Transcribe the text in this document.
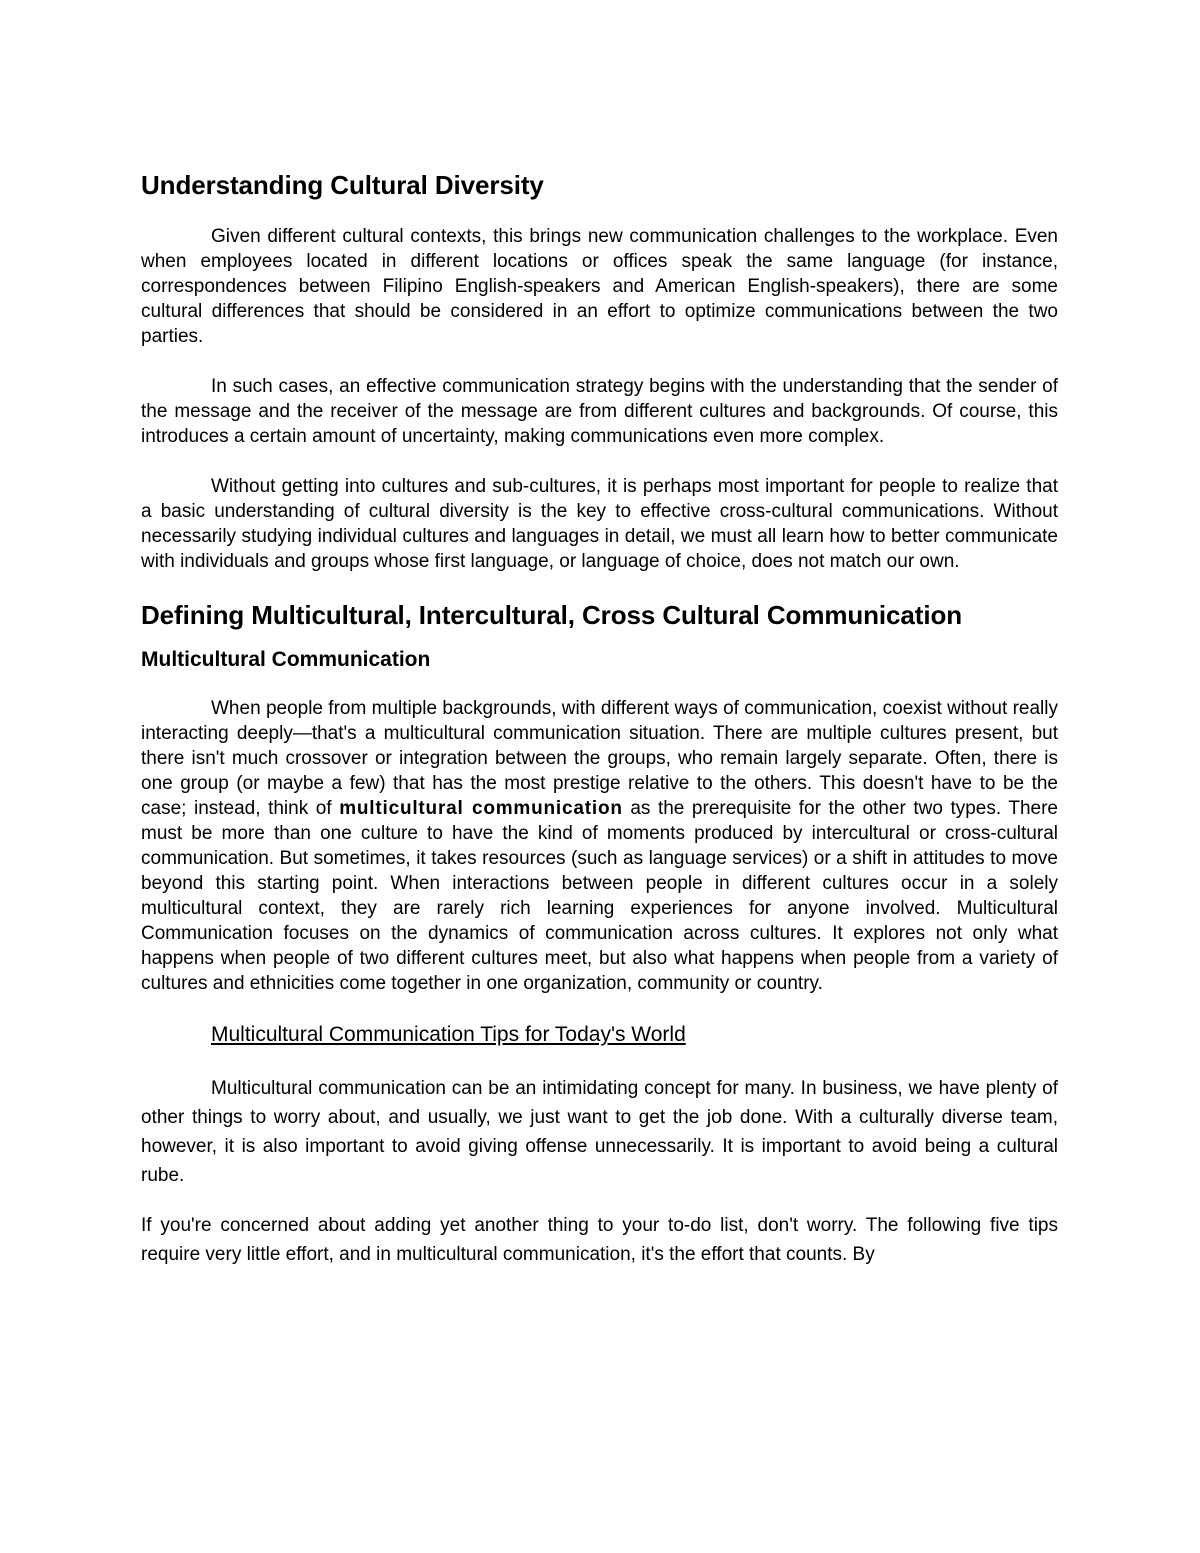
Understanding Cultural Diversity

Given different cultural contexts, this brings new communication challenges to the workplace. Even when employees located in different locations or offices speak the same language (for instance, correspondences between Filipino English-speakers and American English-speakers), there are some cultural differences that should be considered in an effort to optimize communications between the two parties.

In such cases, an effective communication strategy begins with the understanding that the sender of the message and the receiver of the message are from different cultures and backgrounds. Of course, this introduces a certain amount of uncertainty, making communications even more complex.

Without getting into cultures and sub-cultures, it is perhaps most important for people to realize that a basic understanding of cultural diversity is the key to effective cross-cultural communications. Without necessarily studying individual cultures and languages in detail, we must all learn how to better communicate with individuals and groups whose first language, or language of choice, does not match our own.

Defining Multicultural, Intercultural, Cross Cultural Communication
Multicultural Communication

When people from multiple backgrounds, with different ways of communication, coexist without really interacting deeply—that's a multicultural communication situation. There are multiple cultures present, but there isn't much crossover or integration between the groups, who remain largely separate. Often, there is one group (or maybe a few) that has the most prestige relative to the others. This doesn't have to be the case; instead, think of multicultural communication as the prerequisite for the other two types. There must be more than one culture to have the kind of moments produced by intercultural or cross-cultural communication. But sometimes, it takes resources (such as language services) or a shift in attitudes to move beyond this starting point. When interactions between people in different cultures occur in a solely multicultural context, they are rarely rich learning experiences for anyone involved. Multicultural Communication focuses on the dynamics of communication across cultures. It explores not only what happens when people of two different cultures meet, but also what happens when people from a variety of cultures and ethnicities come together in one organization, community or country.

Multicultural Communication Tips for Today's World

Multicultural communication can be an intimidating concept for many. In business, we have plenty of other things to worry about, and usually, we just want to get the job done. With a culturally diverse team, however, it is also important to avoid giving offense unnecessarily. It is important to avoid being a cultural rube.

If you're concerned about adding yet another thing to your to-do list, don't worry. The following five tips require very little effort, and in multicultural communication, it's the effort that counts. By
